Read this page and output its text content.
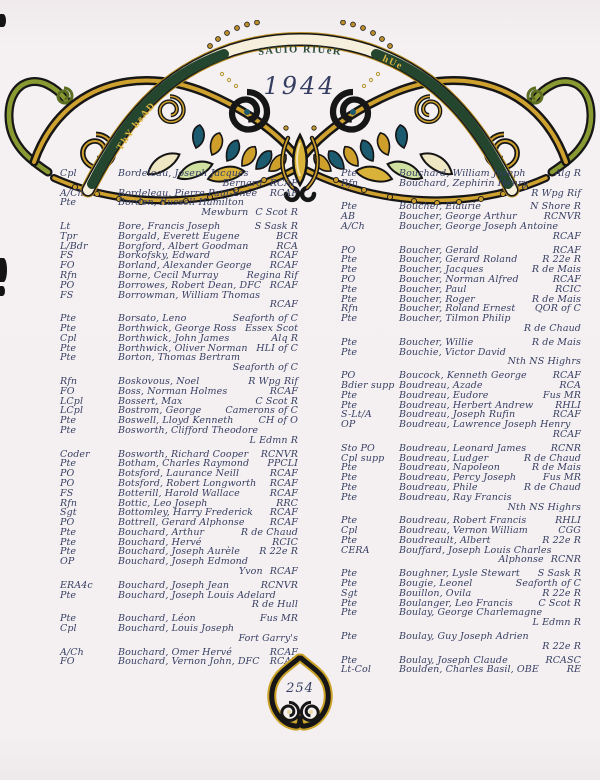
ThY heAD
SAUIO RIUeR
hUe
1944
Cpl	Bordeleau, Joseph Jacques
Bernard RCAF
A/Ch	Bordeleau, Pierre Paul-Enée	RCAF
Pte	Borden, Russell Hamilton
Mewburn C Scot R
Lt	Bore, Francis Joseph	S Sask R
Tpr	Borgald, Everett Eugene	BCR
L/Bdr	Borgford, Albert Goodman	RCA
FS	Borkofsky, Edward	RCAF
FO	Borland, Alexander George	RCAF
Rfn	Borne, Cecil Murray	Regina Rif
PO	Borrowes, Robert Dean, DFC RCAF
FS	Borrowman, William Thomas
RCAF
Pte	Borsato, Leno	Seaforth of C
Pte	Borthwick, George Ross Essex Scot
Cpl	Borthwick, John James	Alq R
Pte	Borthwick, Oliver Norman HLI of C
Pte	Borton, Thomas Bertram
Seaforth of C
Rfn	Boskovous, Noel	R Wpg Rif
FO	Boss, Norman Holmes	RCAF
LCpl	Bossert, Max	C Scot R
LCpl	Bostrom, George	Camerons of C
Pte	Boswell, Lloyd Kenneth	CH of O
Pte	Bosworth, Clifford Theodore
L Edmn R
Coder	Bosworth, Richard Cooper	RCNVR
Pte	Botham, Charles Raymond	PPCLI
PO	Botsford, Laurance Neill	RCAF
PO	Botsford, Robert Longworth	RCAF
FS	Botterill, Harold Wallace	RCAF
Rfn	Bottic, Leo Joseph	RRC
Sgt	Bottomley, Harry Frederick	RCAF
PO	Bottrell, Gerard Alphonse	RCAF
Pte	Bouchard, Arthur	R de Chaud
Pte	Bouchard, Hervé	RCIC
Pte	Bouchard, Joseph Aurèle	R 22e R
OP	Bouchard, Joseph Edmond
Yvon RCAF
ERA4c	Bouchard, Joseph Jean	RCNVR
Pte	Bouchard, Joseph Louis Adelard
R de Hull
Pte	Bouchard, Léon	Fus MR
Cpl	Bouchard, Louis Joseph
Fort Garry's
A/Ch	Bouchard, Omer Hervé	RCAF
FO	Bouchard, Vernon John, DFC	RCAF
Pte	Bouchard, William Joseph	Alg R
Rfn	Bouchard, Zephirin Henry
R Wpg Rif
Pte	Boucher, Elaurie	N Shore R
AB	Boucher, George Arthur	RCNVR
A/Ch	Boucher, George Joseph Antoine
RCAF
PO	Boucher, Gerald	RCAF
Pte	Boucher, Gerard Roland	R 22e R
Pte	Boucher, Jacques	R de Mais
PO	Boucher, Norman Alfred	RCAF
Pte	Boucher, Paul	RCIC
Pte	Boucher, Roger	R de Mais
Rfn	Boucher, Roland Ernest	QOR of C
Pte	Boucher, Tilmon Philip
R de Chaud
Pte	Boucher, Willie	R de Mais
Pte	Bouchie, Victor David
Nth NS Highrs
PO	Boucock, Kenneth George	RCAF
Bdier supp Boudreau, Azade	RCA
Pte	Boudreau, Eudore	Fus MR
Pte	Boudreau, Herbert Andrew	RHLI
S-Lt/A	Boudreau, Joseph Rufin	RCAF
OP	Boudreau, Lawrence Joseph Henry
RCAF
Sto PO	Boudreau, Leonard James	RCNR
Cpl supp	Boudreau, Ludger	R de Chaud
Pte	Boudreau, Napoleon	R de Mais
Pte	Boudreau, Percy Joseph	Fus MR
Pte	Boudreau, Phile	R de Chaud
Pte	Boudreau, Ray Francis
Nth NS Highrs
Pte	Boudreau, Robert Francis	RHLI
Cpl	Boudreau, Vernon William	CGG
Pte	Boudreault, Albert	R 22e R
CERA	Bouffard, Joseph Louis Charles
Alphonse RCNR
Pte	Boughner, Lysle Stewart	S Sask R
Pte	Bougie, Leonel	Seaforth of C
Sgt	Bouillon, Ovila	R 22e R
Pte	Boulanger, Leo Francis	C Scot R
Pte	Boulay, George Charlemagne
L Edmn R
Pte	Boulay, Guy Joseph Adrien
R 22e R
Pte	Boulay, Joseph Claude	RCASC
Lt-Col	Boulden, Charles Basil, OBE	RE
254
